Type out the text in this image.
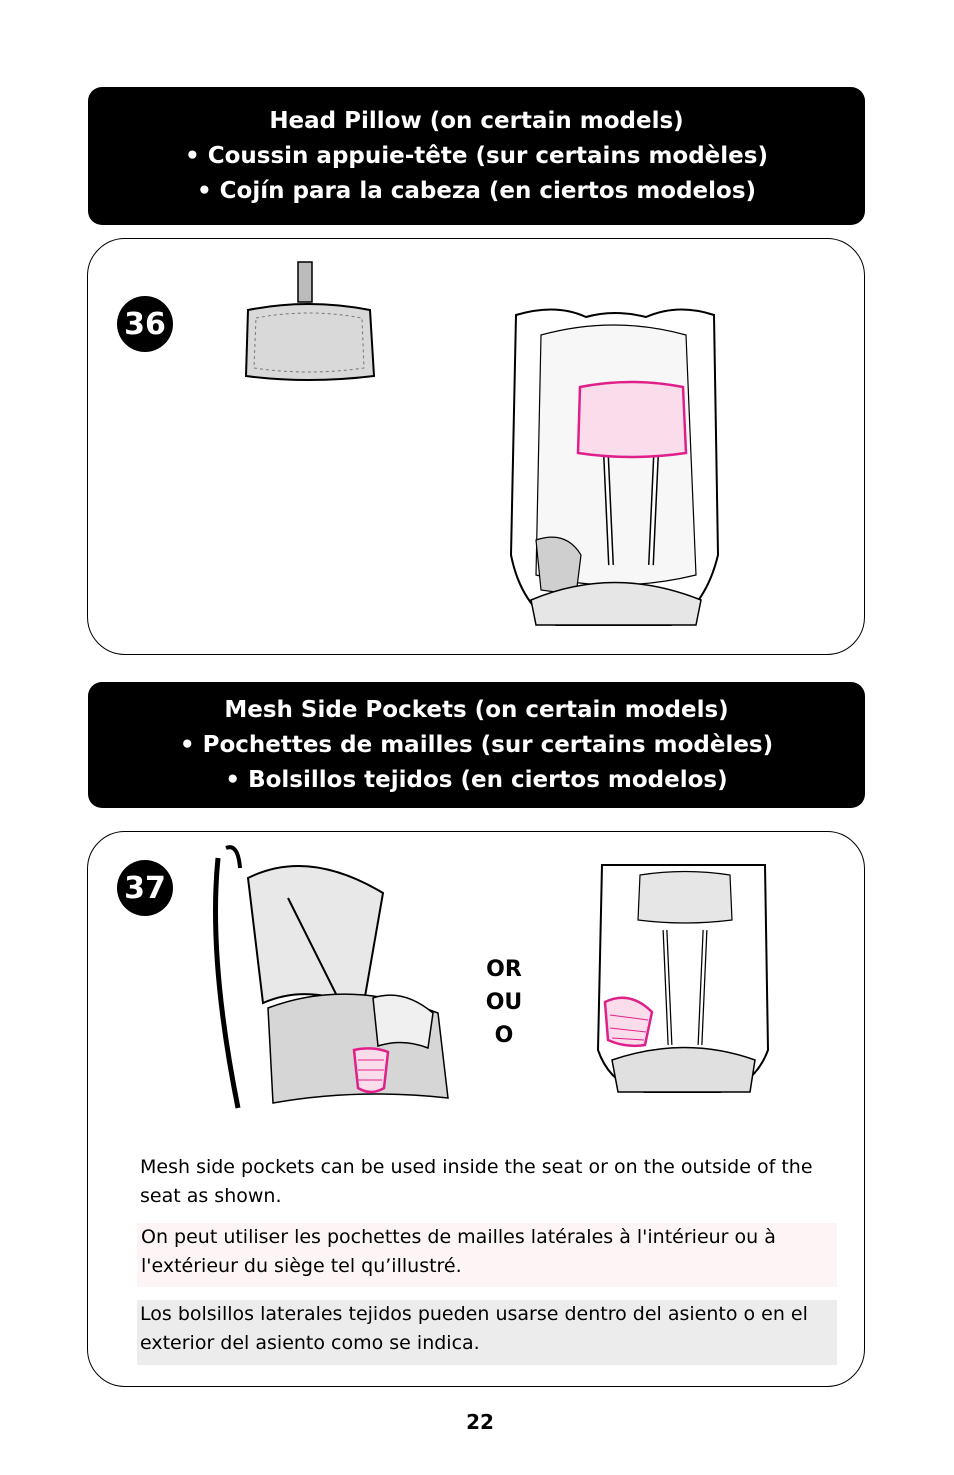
Head Pillow (on certain models)
• Coussin appuie-tête (sur certains modèles)
• Cojín para la cabeza (en ciertos modelos)
36
Mesh Side Pockets (on certain models)
• Pochettes de mailles (sur certains modèles)
• Bolsillos tejidos (en ciertos modelos)
37
OR
OU
O

Mesh side pockets can be used inside the seat or on the outside of the seat as shown.

On peut utiliser les pochettes de mailles latérales à l'intérieur ou à l'extérieur du siège tel qu’illustré.

Los bolsillos laterales tejidos pueden usarse dentro del asiento o en el exterior del asiento como se indica.

22
